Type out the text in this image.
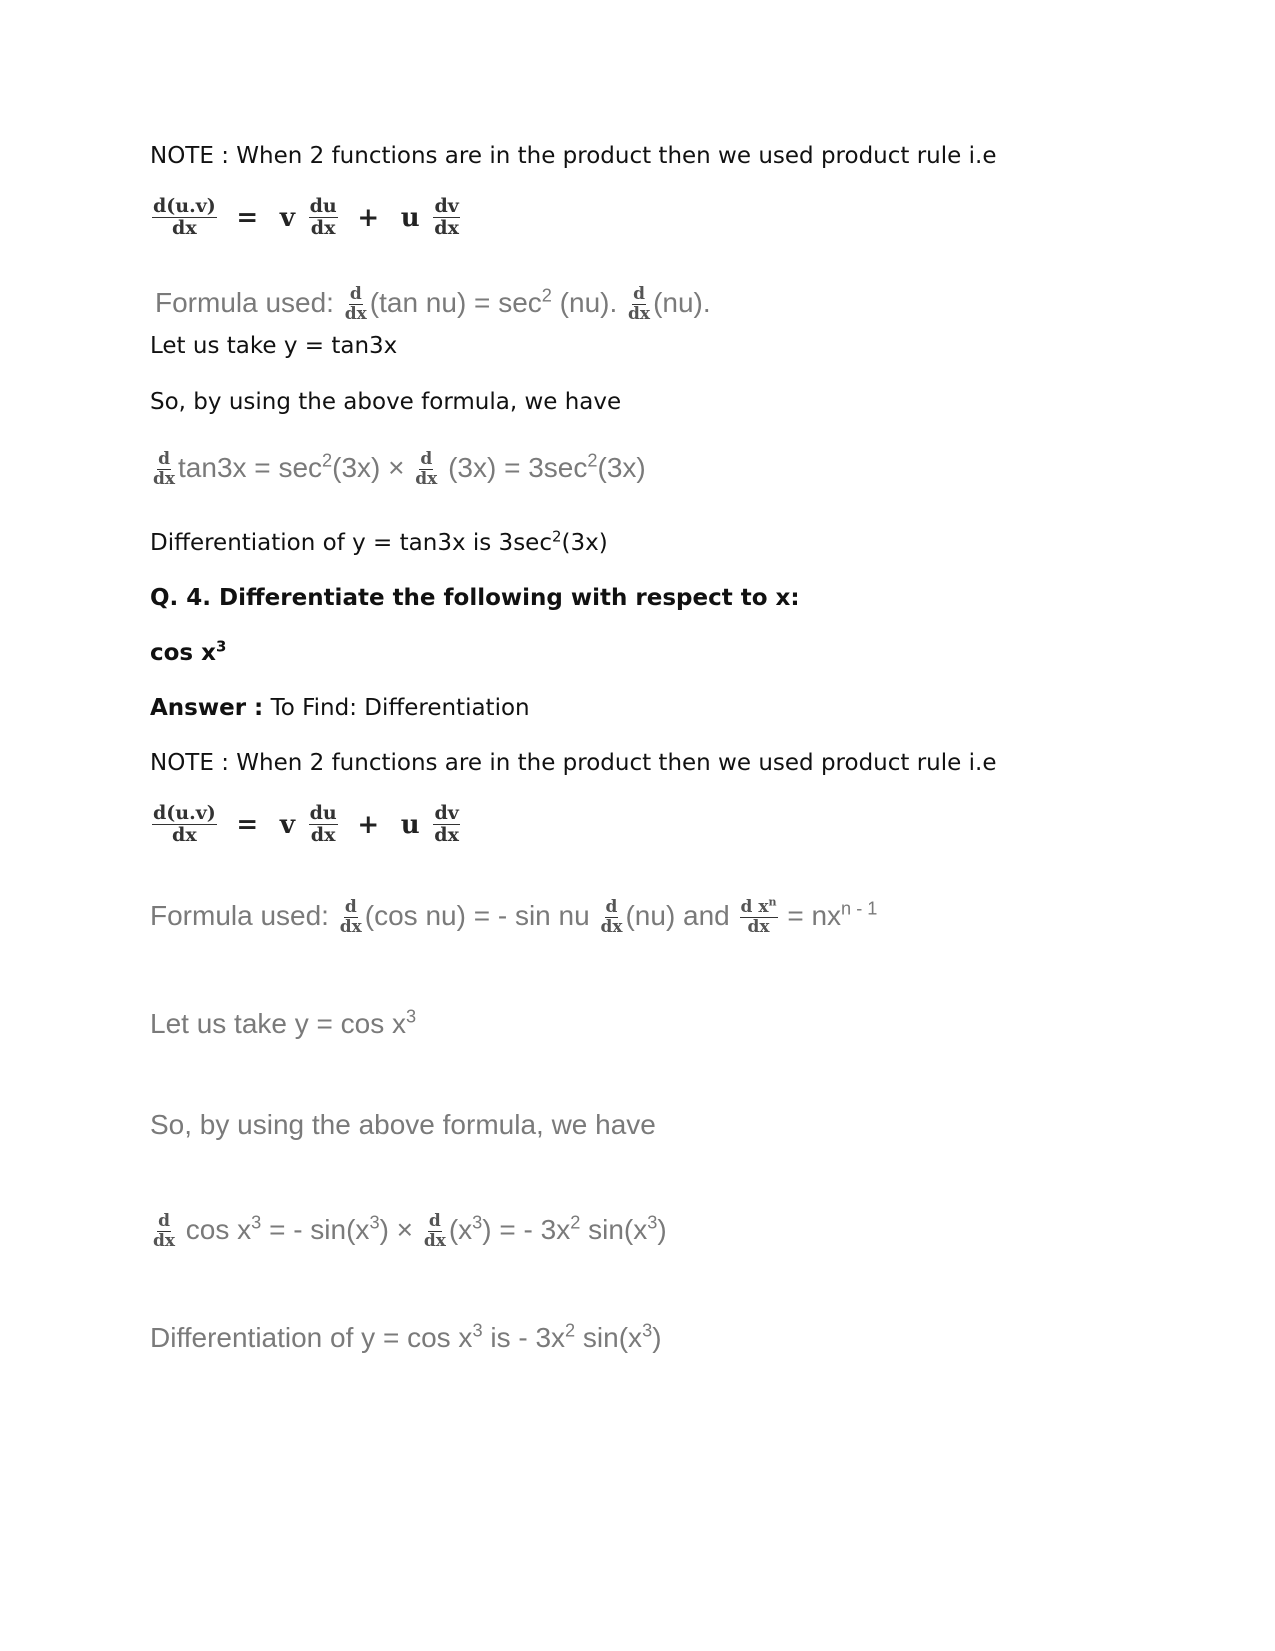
NOTE : When 2 functions are in the product then we used product rule i.e
$\frac{d(u.v)}{dx} = v \frac{du}{dx} + u \frac{dv}{dx}$
Formula used: $\frac{d}{dx} (\tan$ $nu) = \sec^2 (nu)$. $\frac{d}{dx} (nu)$.
Let us take y = tan3x
So, by using the above formula, we have
$\frac{d}{dx} \tan 3x = \sec^2(3x) \times \frac{d}{dx} (3x) = 3\sec^2(3x)$
Differentiation of y = tan3x is $3\sec^2(3x)$
Q. 4. Differentiate the following with respect to x:
$\cos x^3$
Answer : To Find: Differentiation
NOTE : When 2 functions are in the product then we used product rule i.e
$\frac{d(u.v)}{dx} = v \frac{du}{dx} + u \frac{dv}{dx}$
Formula used: $\frac{d}{dx} (\cos$ nu) = - sin nu $\frac{d}{dx} (nu)$ and $\frac{d x^n}{dx} = nx^{n - 1}$
Let us take $y = \cos x^3$
So, by using the above formula, we have
$\frac{d}{dx}$ $\cos x^3$ = - $\sin(x^3) \times \frac{d}{dx} (x^3)$ = - $3x^2$ $\sin(x^3)$
Differentiation of $y = \cos x^3$ is - $3x^2$ $\sin(x^3)$
